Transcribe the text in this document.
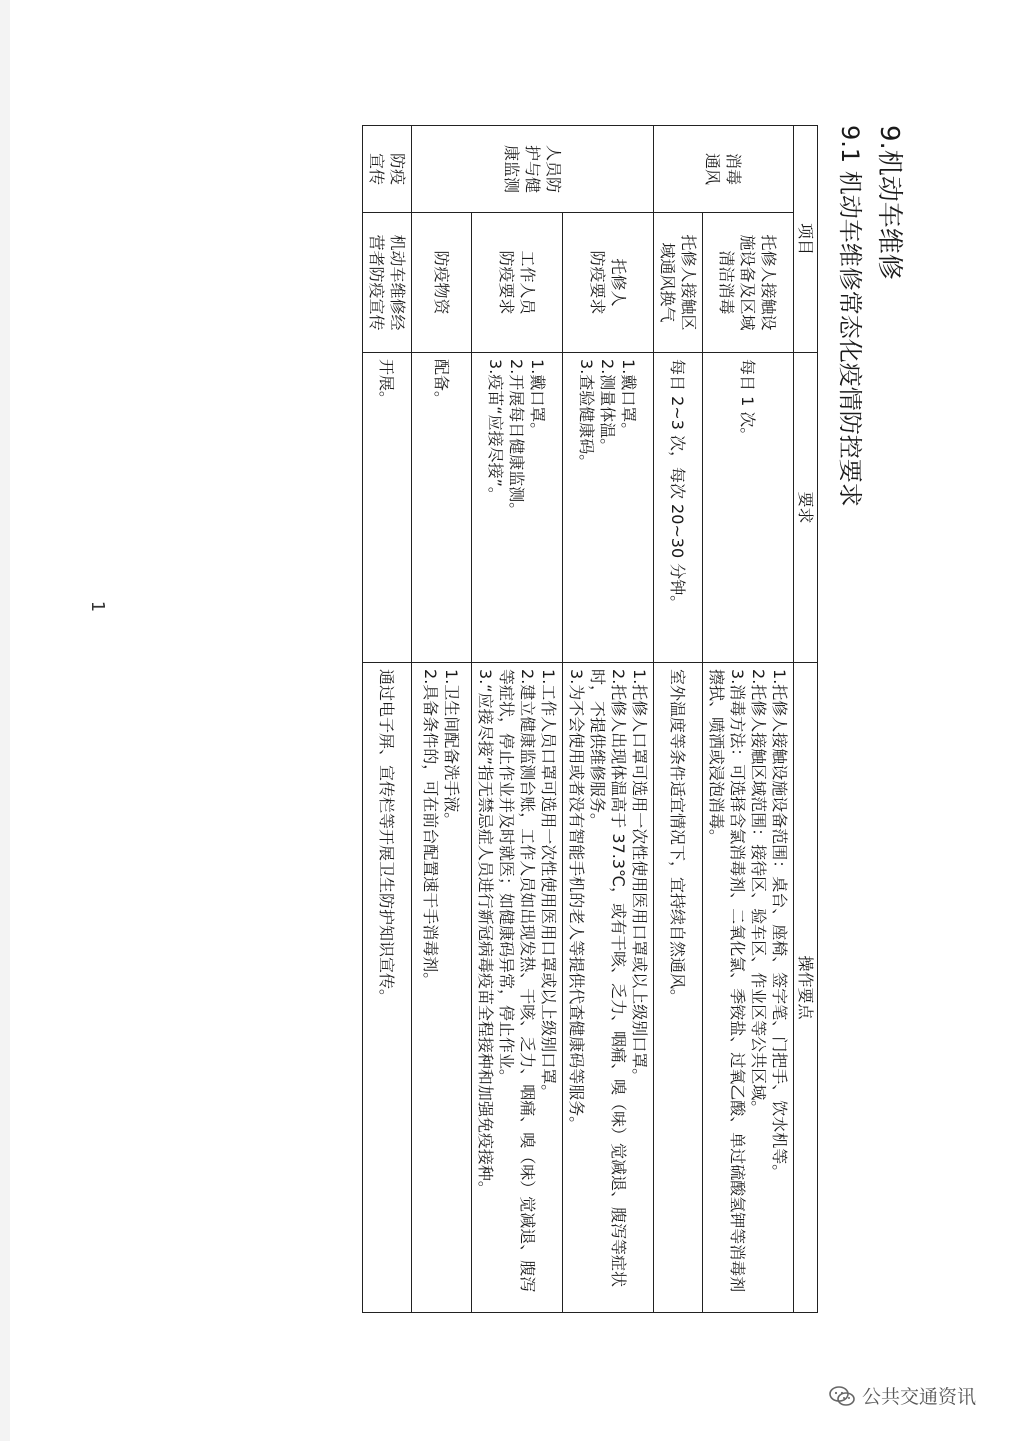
9.机动车维修
9.1 机动车维修常态化疫情防控要求
项目		要求	操作要点
消毒
通风	托修人接触设
施设备及区域
清洁消毒	每日 1 次。	1.托修人接触设施设备范围：桌台、座椅、签字笔、门把手、饮水机等。
2.托修人接触区域范围：接待区、验车区、作业区等公共区域。
3.消毒方法：可选择含氯消毒剂、二氧化氯、季铵盐、过氧乙酸、单过硫酸氢钾等消毒剂擦拭、喷洒或浸泡消毒。
	托修人接触区
域通风换气	每日 2~3 次，每次 20~30 分钟。	室外温度等条件适宜情况下，宜持续自然通风。
人员防
护与健
康监测	托修人
防疫要求	1.戴口罩。
2.测量体温。
3.查验健康码。	1.托修人口罩可选用一次性使用医用口罩或以上级别口罩。
2.托修人出现体温高于 37.3℃，或有干咳、乏力、咽痛、嗅（味）觉减退、腹泻等症状时，不提供维修服务。
3.为不会使用或者没有智能手机的老人等提供代查健康码等服务。
	工作人员
防疫要求	1.戴口罩。
2.开展每日健康监测。
3.疫苗“应接尽接”。	1.工作人员口罩可选用一次性使用医用口罩或以上级别口罩。
2.建立健康监测台账，工作人员如出现发热、干咳、乏力、咽痛、嗅（味）觉减退、腹泻等症状，停止作业并及时就医；如健康码异常，停止作业。
3.“应接尽接”指无禁忌症人员进行新冠病毒疫苗全程接种和加强免疫接种。
	防疫物资	配备。	1.卫生间配备洗手液。
2.具备条件的，可在前台配置速干手消毒剂。
防疫
宣传	机动车维修经
营者防疫宣传	开展。	通过电子屏、宣传栏等开展卫生防护知识宣传。
1
公共交通资讯
